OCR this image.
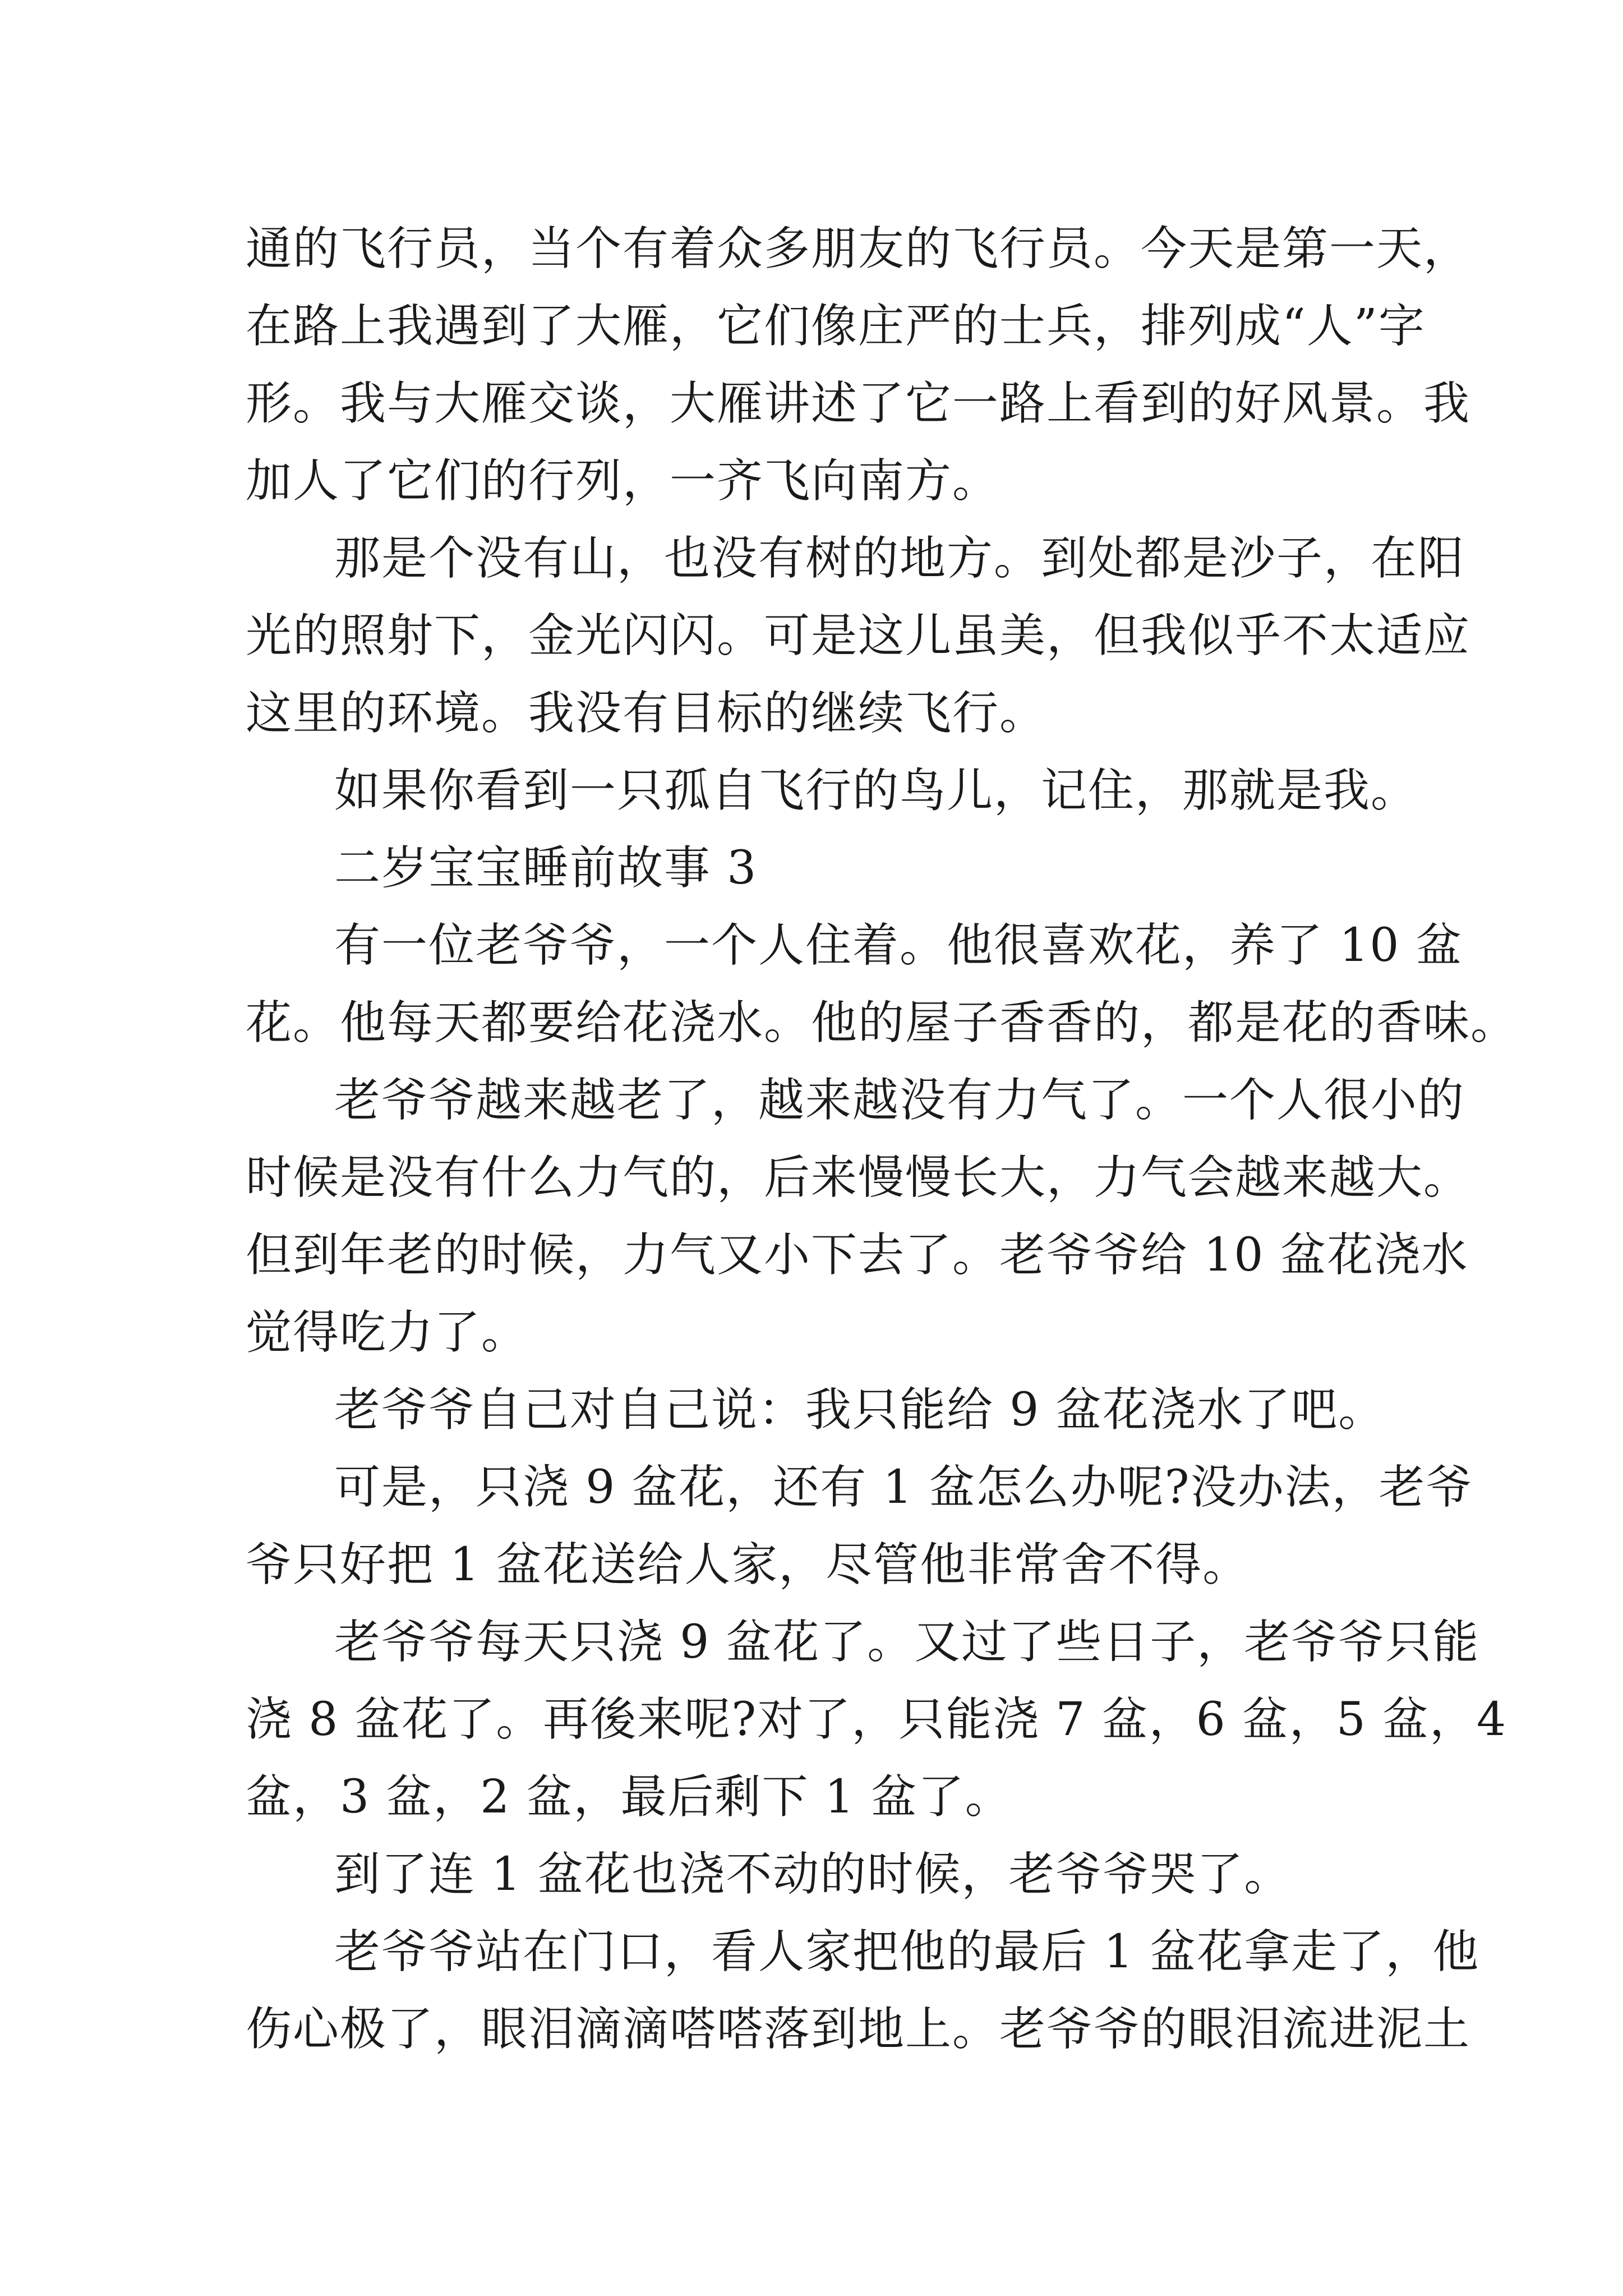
通的飞行员，当个有着众多朋友的飞行员。今天是第一天，
在路上我遇到了大雁，它们像庄严的士兵，排列成“人”字
形。我与大雁交谈，大雁讲述了它一路上看到的好风景。我
加人了它们的行列，一齐飞向南方。
那是个没有山，也没有树的地方。到处都是沙子，在阳
光的照射下，金光闪闪。可是这儿虽美，但我似乎不太适应
这里的环境。我没有目标的继续飞行。
如果你看到一只孤自飞行的鸟儿，记住，那就是我。
二岁宝宝睡前故事 3
有一位老爷爷，一个人住着。他很喜欢花，养了 10 盆
花。他每天都要给花浇水。他的屋子香香的，都是花的香味。
老爷爷越来越老了，越来越没有力气了。一个人很小的
时候是没有什么力气的，后来慢慢长大，力气会越来越大。
但到年老的时候，力气又小下去了。老爷爷给 10 盆花浇水
觉得吃力了。
老爷爷自己对自己说：我只能给 9 盆花浇水了吧。
可是，只浇 9 盆花，还有 1 盆怎么办呢?没办法，老爷
爷只好把 1 盆花送给人家，尽管他非常舍不得。
老爷爷每天只浇 9 盆花了。又过了些日子，老爷爷只能
浇 8 盆花了。再後来呢?对了，只能浇 7 盆，6 盆，5 盆，4
盆，3 盆，2 盆，最后剩下 1 盆了。
到了连 1 盆花也浇不动的时候，老爷爷哭了。
老爷爷站在门口，看人家把他的最后 1 盆花拿走了，他
伤心极了，眼泪滴滴嗒嗒落到地上。老爷爷的眼泪流进泥土
